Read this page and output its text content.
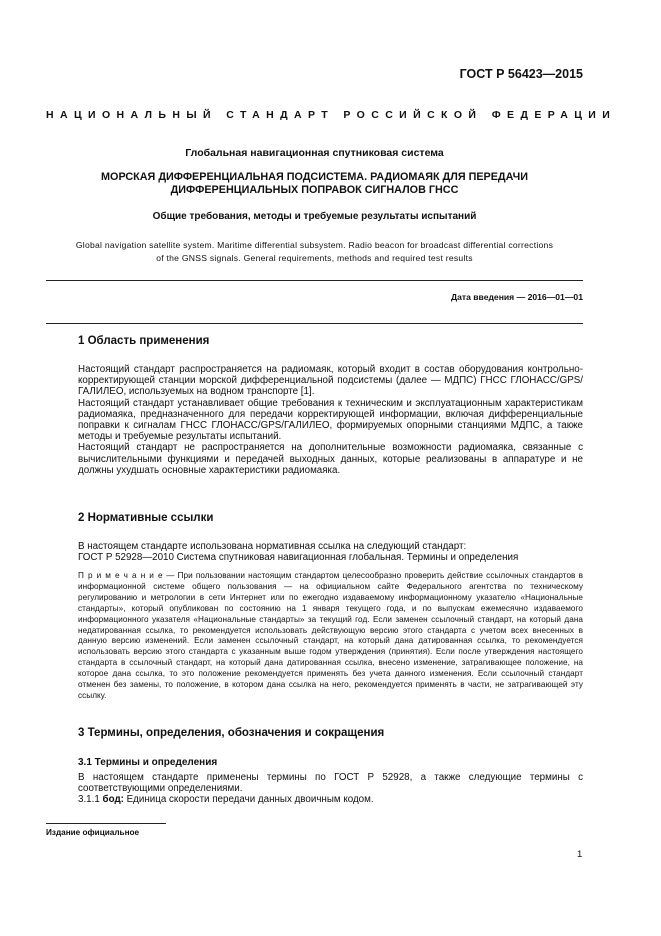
ГОСТ Р 56423—2015
НАЦИОНАЛЬНЫЙ СТАНДАРТ РОССИЙСКОЙ ФЕДЕРАЦИИ
Глобальная навигационная спутниковая система
МОРСКАЯ ДИФФЕРЕНЦИАЛЬНАЯ ПОДСИСТЕМА. РАДИОМАЯК ДЛЯ ПЕРЕДАЧИ
ДИФФЕРЕНЦИАЛЬНЫХ ПОПРАВОК СИГНАЛОВ ГНСС
Общие требования, методы и требуемые результаты испытаний
Global navigation satellite system. Maritime differential subsystem. Radio beacon for broadcast differential corrections
of the GNSS signals. General requirements, methods and required test results
Дата введения — 2016—01—01
1 Область применения

Настоящий стандарт распространяется на радиомаяк, который входит в состав оборудования контрольно-корректирующей станции морской дифференциальной подсистемы (далее — МДПС) ГНСС ГЛОНАСС/GPS/ГАЛИЛЕО, используемых на водном транспорте [1].

Настоящий стандарт устанавливает общие требования к техническим и эксплуатационным характеристикам радиомаяка, предназначенного для передачи корректирующей информации, включая дифференциальные поправки к сигналам ГНСС ГЛОНАСС/GPS/ГАЛИЛЕО, формируемых опорными станциями МДПС, а также методы и требуемые результаты испытаний.

Настоящий стандарт не распространяется на дополнительные возможности радиомаяка, связанные с вычислительными функциями и передачей выходных данных, которые реализованы в аппаратуре и не должны ухудшать основные характеристики радиомаяка.

2 Нормативные ссылки

В настоящем стандарте использована нормативная ссылка на следующий стандарт:

ГОСТ Р 52928—2010 Система спутниковая навигационная глобальная. Термины и определения

П р и м е ч а н и е — При пользовании настоящим стандартом целесообразно проверить действие ссылочных стандартов в информационной системе общего пользования — на официальном сайте Федерального агентства по техническому регулированию и метрологии в сети Интернет или по ежегодно издаваемому информационному указателю «Национальные стандарты», который опубликован по состоянию на 1 января текущего года, и по выпускам ежемесячно издаваемого информационного указателя «Национальные стандарты» за текущий год. Если заменен ссылочный стандарт, на который дана недатированная ссылка, то рекомендуется использовать действующую версию этого стандарта с учетом всех внесенных в данную версию изменений. Если заменен ссылочный стандарт, на который дана датированная ссылка, то рекомендуется использовать версию этого стандарта с указанным выше годом утверждения (принятия). Если после утверждения настоящего стандарта в ссылочный стандарт, на который дана датированная ссылка, внесено изменение, затрагивающее положение, на которое дана ссылка, то это положение рекомендуется применять без учета данного изменения. Если ссылочный стандарт отменен без замены, то положение, в котором дана ссылка на него, рекомендуется применять в части, не затрагивающей эту ссылку.
3 Термины, определения, обозначения и сокращения
3.1 Термины и определения

В настоящем стандарте применены термины по ГОСТ Р 52928, а также следующие термины с соответствующими определениями.

3.1.1 бод: Единица скорости передачи данных двоичным кодом.

Издание официальное
1
